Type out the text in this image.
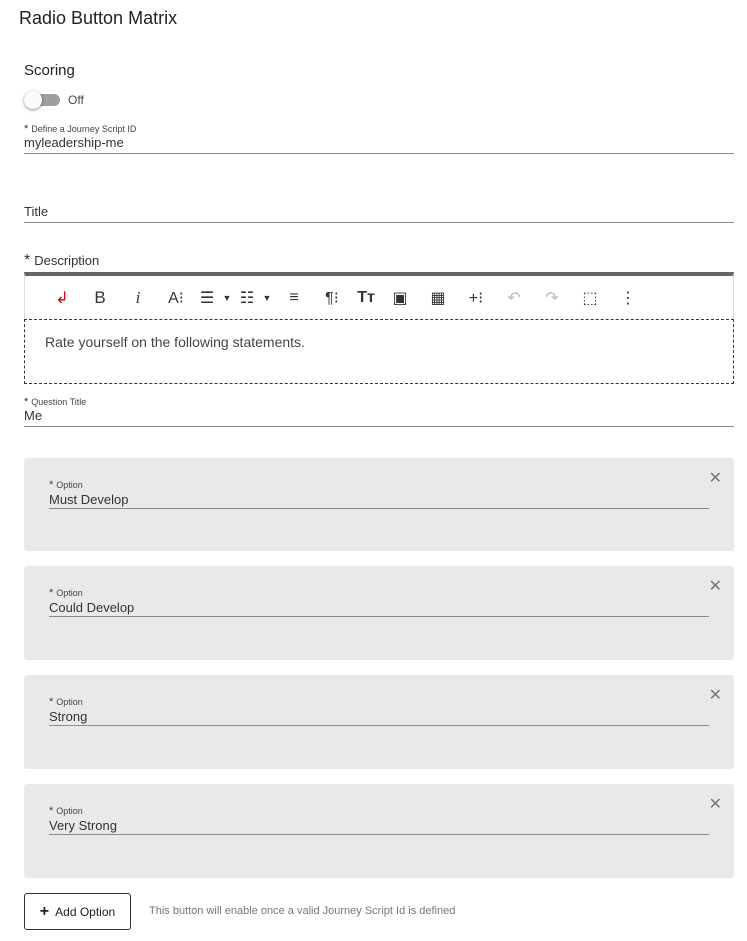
Radio Button Matrix
Scoring
Off
* Define a Journey Script ID
myleadership-me
Title
* Description
↲	B	i	A⁝ ☰ ▼ ☷ ▼	≡	¶⁝	Tт	▣	▦	+⁝	↶	↷	⬚	⋮
Rate yourself on the following statements.
* Question Title
Me
✕
* Option
Must Develop
✕
* Option
Could Develop
✕
* Option
Strong
✕
* Option
Very Strong
+ Add Option	This button will enable once a valid Journey Script Id is defined
